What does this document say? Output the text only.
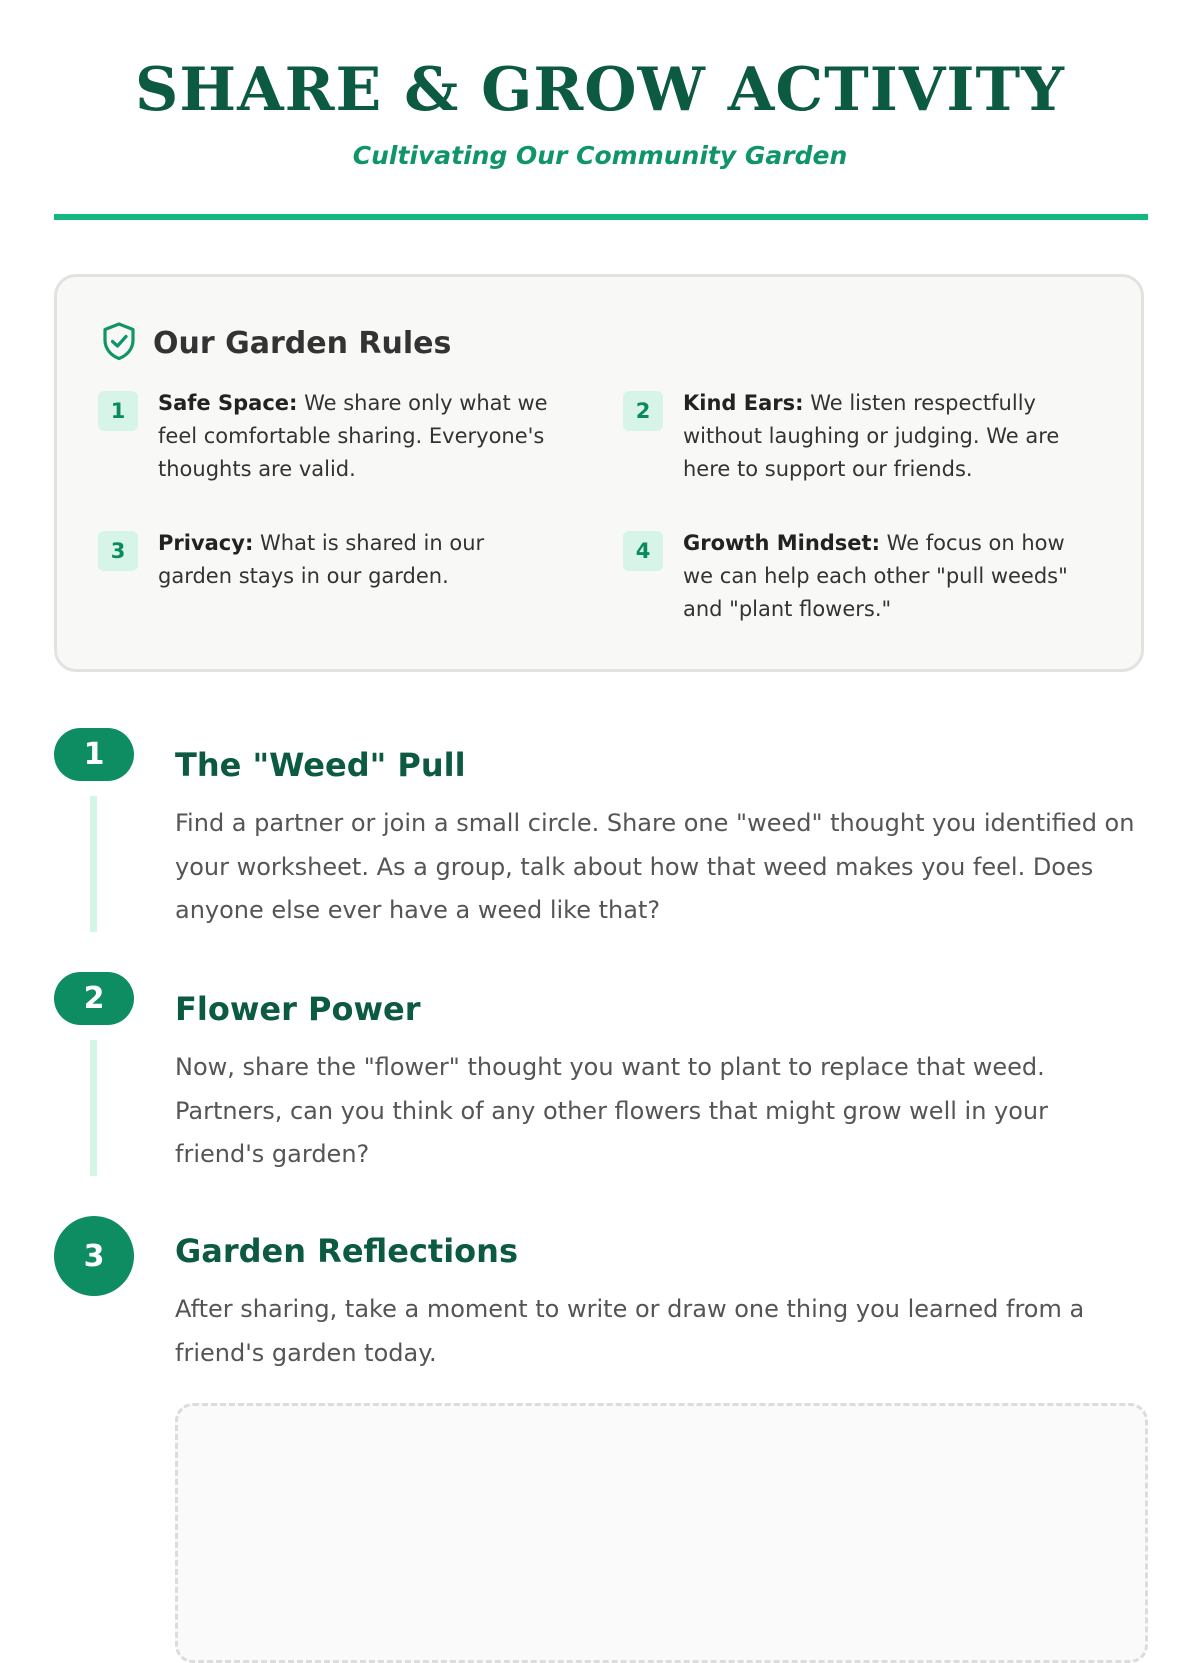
SHARE & GROW ACTIVITY
Cultivating Our Community Garden
Our Garden Rules
1	Safe Space: We share only what we feel comfortable sharing. Everyone's thoughts are valid.
2	Kind Ears: We listen respectfully without laughing or judging. We are here to support our friends.
3	Privacy: What is shared in our garden stays in our garden.
4	Growth Mindset: We focus on how we can help each other "pull weeds" and "plant flowers."
1	The "Weed" Pull
Find a partner or join a small circle. Share one "weed" thought you identified on your worksheet. As a group, talk about how that weed makes you feel. Does anyone else ever have a weed like that?
2	Flower Power
Now, share the "flower" thought you want to plant to replace that weed. Partners, can you think of any other flowers that might grow well in your friend's garden?
3	Garden Reflections
After sharing, take a moment to write or draw one thing you learned from a friend's garden today.
